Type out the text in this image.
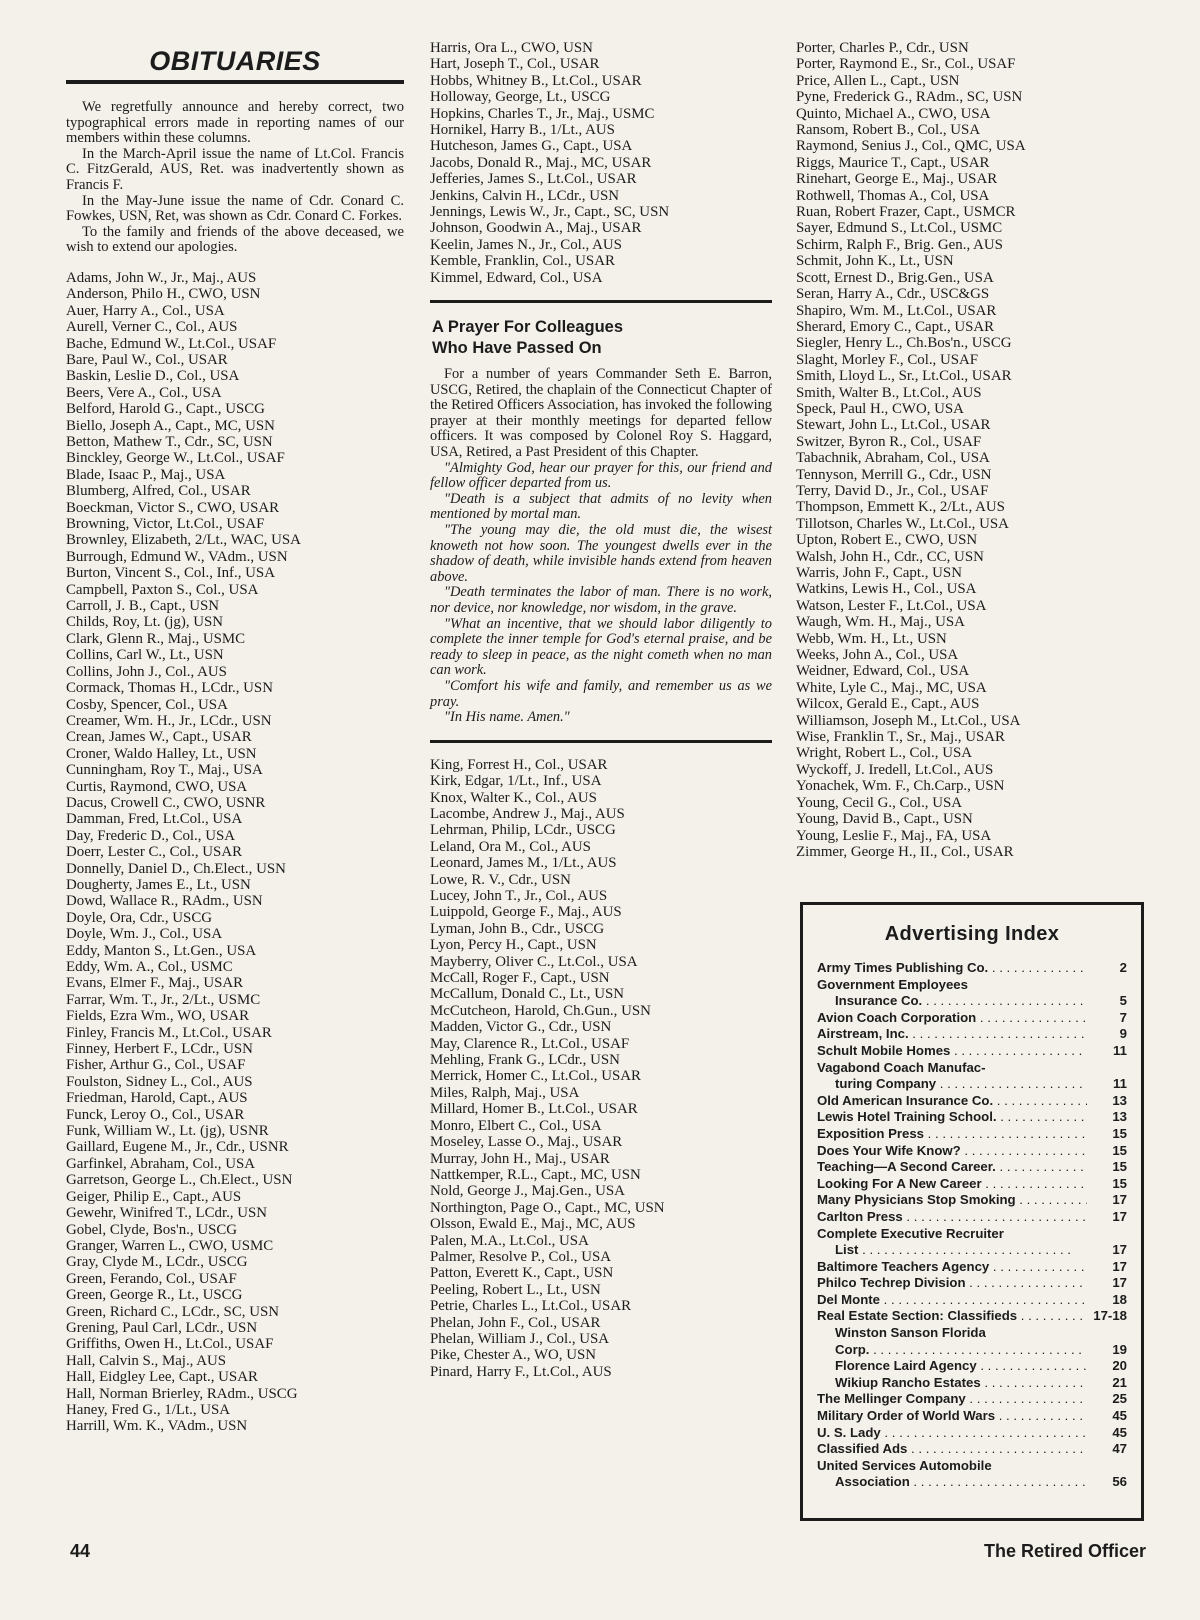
OBITUARIES

We regretfully announce and hereby correct, two typographical errors made in reporting names of our members within these columns.

In the March-April issue the name of Lt.Col. Francis C. FitzGerald, AUS, Ret. was inadvertently shown as Francis F.

In the May-June issue the name of Cdr. Conard C. Fowkes, USN, Ret, was shown as Cdr. Conard C. Forkes.

To the family and friends of the above deceased, we wish to extend our apologies.

Adams, John W., Jr., Maj., AUS
Anderson, Philo H., CWO, USN
Auer, Harry A., Col., USA
Aurell, Verner C., Col., AUS
Bache, Edmund W., Lt.Col., USAF
Bare, Paul W., Col., USAR
Baskin, Leslie D., Col., USA
Beers, Vere A., Col., USA
Belford, Harold G., Capt., USCG
Biello, Joseph A., Capt., MC, USN
Betton, Mathew T., Cdr., SC, USN
Binckley, George W., Lt.Col., USAF
Blade, Isaac P., Maj., USA
Blumberg, Alfred, Col., USAR
Boeckman, Victor S., CWO, USAR
Browning, Victor, Lt.Col., USAF
Brownley, Elizabeth, 2/Lt., WAC, USA
Burrough, Edmund W., VAdm., USN
Burton, Vincent S., Col., Inf., USA
Campbell, Paxton S., Col., USA
Carroll, J. B., Capt., USN
Childs, Roy, Lt. (jg), USN
Clark, Glenn R., Maj., USMC
Collins, Carl W., Lt., USN
Collins, John J., Col., AUS
Cormack, Thomas H., LCdr., USN
Cosby, Spencer, Col., USA
Creamer, Wm. H., Jr., LCdr., USN
Crean, James W., Capt., USAR
Croner, Waldo Halley, Lt., USN
Cunningham, Roy T., Maj., USA
Curtis, Raymond, CWO, USA
Dacus, Crowell C., CWO, USNR
Damman, Fred, Lt.Col., USA
Day, Frederic D., Col., USA
Doerr, Lester C., Col., USAR
Donnelly, Daniel D., Ch.Elect., USN
Dougherty, James E., Lt., USN
Dowd, Wallace R., RAdm., USN
Doyle, Ora, Cdr., USCG
Doyle, Wm. J., Col., USA
Eddy, Manton S., Lt.Gen., USA
Eddy, Wm. A., Col., USMC
Evans, Elmer F., Maj., USAR
Farrar, Wm. T., Jr., 2/Lt., USMC
Fields, Ezra Wm., WO, USAR
Finley, Francis M., Lt.Col., USAR
Finney, Herbert F., LCdr., USN
Fisher, Arthur G., Col., USAF
Foulston, Sidney L., Col., AUS
Friedman, Harold, Capt., AUS
Funck, Leroy O., Col., USAR
Funk, William W., Lt. (jg), USNR
Gaillard, Eugene M., Jr., Cdr., USNR
Garfinkel, Abraham, Col., USA
Garretson, George L., Ch.Elect., USN
Geiger, Philip E., Capt., AUS
Gewehr, Winifred T., LCdr., USN
Gobel, Clyde, Bos'n., USCG
Granger, Warren L., CWO, USMC
Gray, Clyde M., LCdr., USCG
Green, Ferando, Col., USAF
Green, George R., Lt., USCG
Green, Richard C., LCdr., SC, USN
Grening, Paul Carl, LCdr., USN
Griffiths, Owen H., Lt.Col., USAF
Hall, Calvin S., Maj., AUS
Hall, Eidgley Lee, Capt., USAR
Hall, Norman Brierley, RAdm., USCG
Haney, Fred G., 1/Lt., USA
Harrill, Wm. K., VAdm., USN
Harris, Ora L., CWO, USN
Hart, Joseph T., Col., USAR
Hobbs, Whitney B., Lt.Col., USAR
Holloway, George, Lt., USCG
Hopkins, Charles T., Jr., Maj., USMC
Hornikel, Harry B., 1/Lt., AUS
Hutcheson, James G., Capt., USA
Jacobs, Donald R., Maj., MC, USAR
Jefferies, James S., Lt.Col., USAR
Jenkins, Calvin H., LCdr., USN
Jennings, Lewis W., Jr., Capt., SC, USN
Johnson, Goodwin A., Maj., USAR
Keelin, James N., Jr., Col., AUS
Kemble, Franklin, Col., USAR
Kimmel, Edward, Col., USA
A Prayer For Colleagues
Who Have Passed On

For a number of years Commander Seth E. Barron, USCG, Retired, the chaplain of the Connecticut Chapter of the Retired Officers Association, has invoked the following prayer at their monthly meetings for departed fellow officers. It was composed by Colonel Roy S. Haggard, USA, Retired, a Past President of this Chapter.

"Almighty God, hear our prayer for this, our friend and fellow officer departed from us.

"Death is a subject that admits of no levity when mentioned by mortal man.

"The young may die, the old must die, the wisest knoweth not how soon. The youngest dwells ever in the shadow of death, while invisible hands extend from heaven above.

"Death terminates the labor of man. There is no work, nor device, nor knowledge, nor wisdom, in the grave.

"What an incentive, that we should labor diligently to complete the inner temple for God's eternal praise, and be ready to sleep in peace, as the night cometh when no man can work.

"Comfort his wife and family, and remember us as we pray.

"In His name. Amen."

King, Forrest H., Col., USAR
Kirk, Edgar, 1/Lt., Inf., USA
Knox, Walter K., Col., AUS
Lacombe, Andrew J., Maj., AUS
Lehrman, Philip, LCdr., USCG
Leland, Ora M., Col., AUS
Leonard, James M., 1/Lt., AUS
Lowe, R. V., Cdr., USN
Lucey, John T., Jr., Col., AUS
Luippold, George F., Maj., AUS
Lyman, John B., Cdr., USCG
Lyon, Percy H., Capt., USN
Mayberry, Oliver C., Lt.Col., USA
McCall, Roger F., Capt., USN
McCallum, Donald C., Lt., USN
McCutcheon, Harold, Ch.Gun., USN
Madden, Victor G., Cdr., USN
May, Clarence R., Lt.Col., USAF
Mehling, Frank G., LCdr., USN
Merrick, Homer C., Lt.Col., USAR
Miles, Ralph, Maj., USA
Millard, Homer B., Lt.Col., USAR
Monro, Elbert C., Col., USA
Moseley, Lasse O., Maj., USAR
Murray, John H., Maj., USAR
Nattkemper, R.L., Capt., MC, USN
Nold, George J., Maj.Gen., USA
Northington, Page O., Capt., MC, USN
Olsson, Ewald E., Maj., MC, AUS
Palen, M.A., Lt.Col., USA
Palmer, Resolve P., Col., USA
Patton, Everett K., Capt., USN
Peeling, Robert L., Lt., USN
Petrie, Charles L., Lt.Col., USAR
Phelan, John F., Col., USAR
Phelan, William J., Col., USA
Pike, Chester A., WO, USN
Pinard, Harry F., Lt.Col., AUS
Porter, Charles P., Cdr., USN
Porter, Raymond E., Sr., Col., USAF
Price, Allen L., Capt., USN
Pyne, Frederick G., RAdm., SC, USN
Quinto, Michael A., CWO, USA
Ransom, Robert B., Col., USA
Raymond, Senius J., Col., QMC, USA
Riggs, Maurice T., Capt., USAR
Rinehart, George E., Maj., USAR
Rothwell, Thomas A., Col, USA
Ruan, Robert Frazer, Capt., USMCR
Sayer, Edmund S., Lt.Col., USMC
Schirm, Ralph F., Brig. Gen., AUS
Schmit, John K., Lt., USN
Scott, Ernest D., Brig.Gen., USA
Seran, Harry A., Cdr., USC&GS
Shapiro, Wm. M., Lt.Col., USAR
Sherard, Emory C., Capt., USAR
Siegler, Henry L., Ch.Bos'n., USCG
Slaght, Morley F., Col., USAF
Smith, Lloyd L., Sr., Lt.Col., USAR
Smith, Walter B., Lt.Col., AUS
Speck, Paul H., CWO, USA
Stewart, John L., Lt.Col., USAR
Switzer, Byron R., Col., USAF
Tabachnik, Abraham, Col., USA
Tennyson, Merrill G., Cdr., USN
Terry, David D., Jr., Col., USAF
Thompson, Emmett K., 2/Lt., AUS
Tillotson, Charles W., Lt.Col., USA
Upton, Robert E., CWO, USN
Walsh, John H., Cdr., CC, USN
Warris, John F., Capt., USN
Watkins, Lewis H., Col., USA
Watson, Lester F., Lt.Col., USA
Waugh, Wm. H., Maj., USA
Webb, Wm. H., Lt., USN
Weeks, John A., Col., USA
Weidner, Edward, Col., USA
White, Lyle C., Maj., MC, USA
Wilcox, Gerald E., Capt., AUS
Williamson, Joseph M., Lt.Col., USA
Wise, Franklin T., Sr., Maj., USAR
Wright, Robert L., Col., USA
Wyckoff, J. Iredell, Lt.Col., AUS
Yonachek, Wm. F., Ch.Carp., USN
Young, Cecil G., Col., USA
Young, David B., Capt., USN
Young, Leslie F., Maj., FA, USA
Zimmer, George H., II., Col., USAR
Advertising Index
Army Times Publishing Co. . . .	2
Government Employees
Insurance Co. . . .	5
Avion Coach Corporation . . .	7
Airstream, Inc. . . .	9
Schult Mobile Homes . . .	11
Vagabond Coach Manufac-
turing Company . . .	11
Old American Insurance Co. . . .	13
Lewis Hotel Training School. . . .	13
Exposition Press . . .	15
Does Your Wife Know? . . .	15
Teaching—A Second Career. . . .	15
Looking For A New Career . . .	15
Many Physicians Stop Smoking . . .	17
Carlton Press . . .	17
Complete Executive Recruiter
List . . .	17
Baltimore Teachers Agency . . .	17
Philco Techrep Division . . .	17
Del Monte . . .	18
Real Estate Section: Classifieds . . .	17-18
Winston Sanson Florida
Corp. . . .	19
Florence Laird Agency . . .	20
Wikiup Rancho Estates . . .	21
The Mellinger Company . . .	25
Military Order of World Wars . . .	45
U. S. Lady . . .	45
Classified Ads . . .	47
United Services Automobile
Association . . .	56
44	The Retired Officer
